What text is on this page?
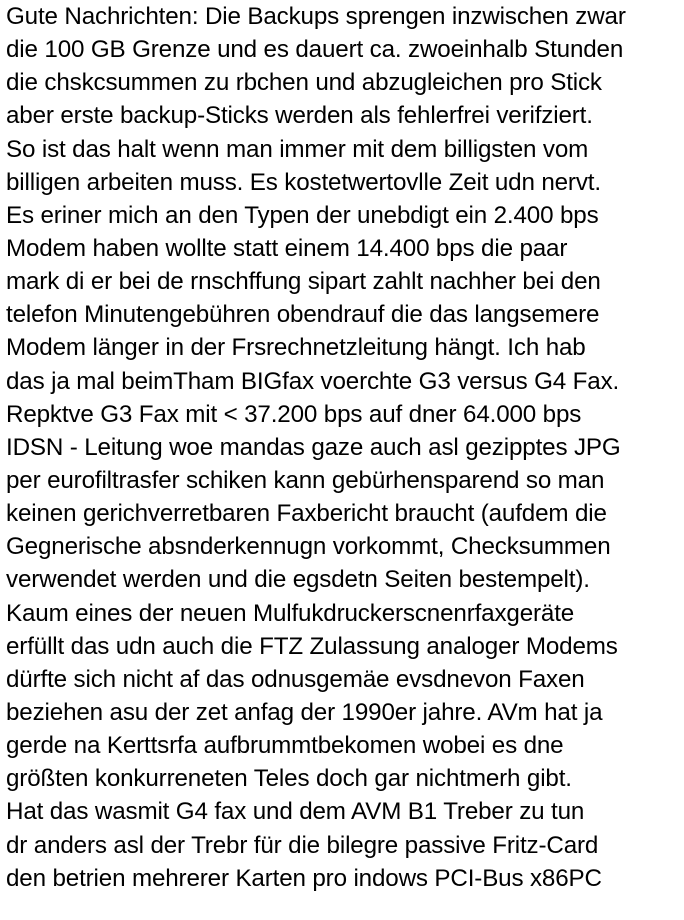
Gute Nachrichten: Die Backups sprengen inzwischen zwar
die 100 GB Grenze und es dauert ca. zwoeinhalb Stunden
die chskcsummen zu rbchen und abzugleichen pro Stick
aber erste backup-Sticks werden als fehlerfrei verifziert.
So ist das halt wenn man immer mit dem billigsten vom
billigen arbeiten muss. Es kostetwertovlle Zeit udn nervt.
Es eriner mich an den Typen der unebdigt ein 2.400 bps
Modem haben wollte statt einem 14.400 bps die paar
mark di er bei de rnschffung sipart zahlt nachher bei den
telefon Minutengebühren obendrauf die das langsemere
Modem länger in der Frsrechnetzleitung hängt. Ich hab
das ja mal beimTham BIGfax voerchte G3 versus G4 Fax.
Repktve G3 Fax mit < 37.200 bps auf dner 64.000 bps
IDSN - Leitung woe mandas gaze auch asl gezipptes JPG
per eurofiltrasfer schiken kann gebürhensparend so man
keinen gerichverretbaren Faxbericht braucht (aufdem die
Gegnerische absnderkennugn vorkommt, Checksummen
verwendet werden und die egsdetn Seiten bestempelt).
Kaum eines der neuen Mulfukdruckerscnenrfaxgeräte
erfüllt das udn auch die FTZ Zulassung analoger Modems
dürfte sich nicht af das odnusgemäe evsdnevon Faxen
beziehen asu der zet anfag der 1990er jahre. AVm hat ja
gerde na Kerttsrfa aufbrummtbekomen wobei es dne
größten konkurreneten Teles doch gar nichtmerh gibt.
Hat das wasmit G4 fax und dem AVM B1 Treber zu tun
dr anders asl der Trebr für die bilegre passive Fritz-Card
den betrien mehrerer Karten pro indows PCI-Bus x86PC
